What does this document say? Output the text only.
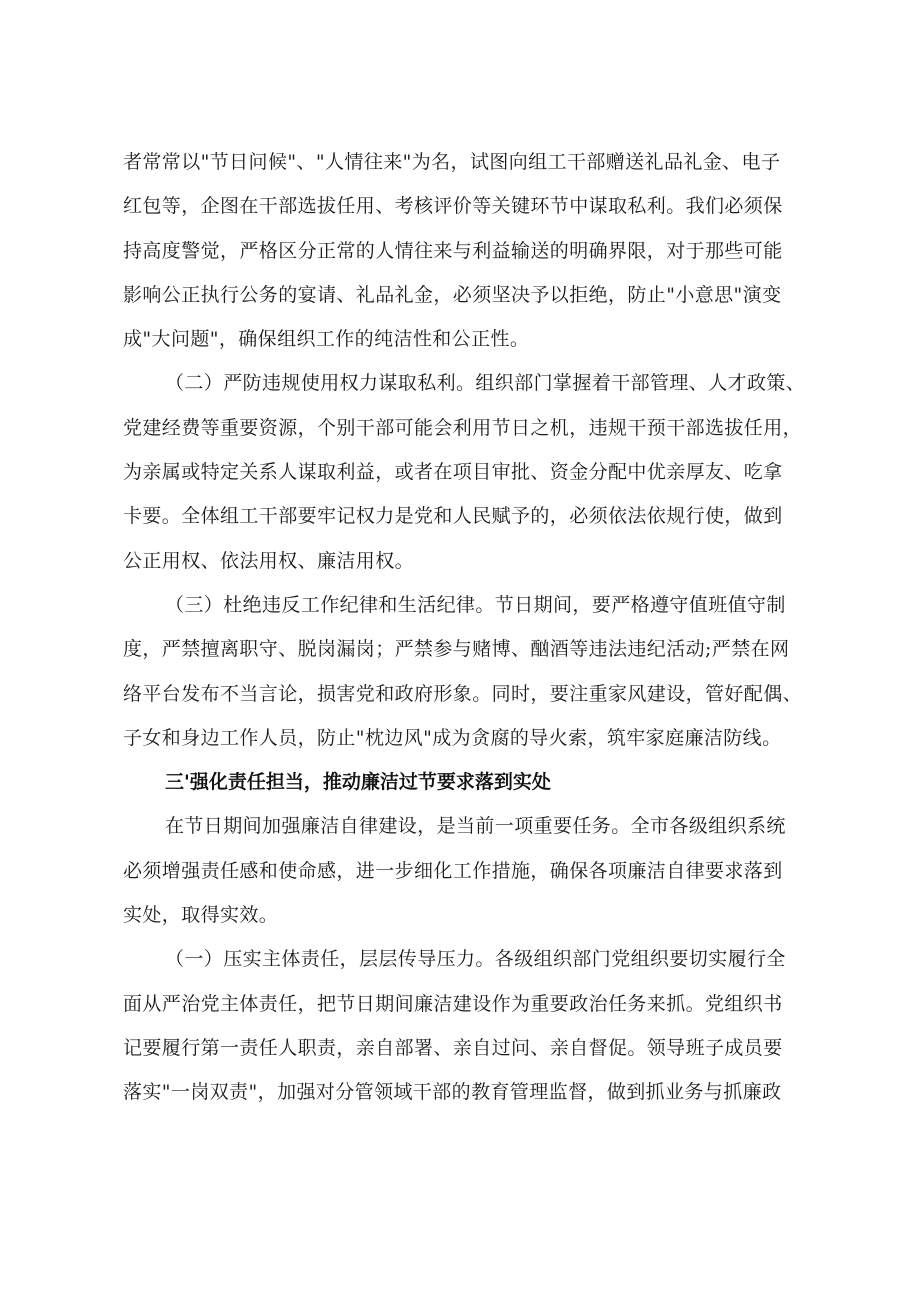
者常常以"节日问候"、"人情往来"为名，试图向组工干部赠送礼品礼金、电子
红包等，企图在干部选拔任用、考核评价等关键环节中谋取私利。我们必须保
持高度警觉，严格区分正常的人情往来与利益输送的明确界限，对于那些可能
影响公正执行公务的宴请、礼品礼金，必须坚决予以拒绝，防止"小意思"演变
成"大问题"，确保组织工作的纯洁性和公正性。
（二）严防违规使用权力谋取私利。组织部门掌握着干部管理、人才政策、
党建经费等重要资源，个别干部可能会利用节日之机，违规干预干部选拔任用，
为亲属或特定关系人谋取利益，或者在项目审批、资金分配中优亲厚友、吃拿
卡要。全体组工干部要牢记权力是党和人民赋予的，必须依法依规行使，做到
公正用权、依法用权、廉洁用权。
（三）杜绝违反工作纪律和生活纪律。节日期间，要严格遵守值班值守制
度，严禁擅离职守、脱岗漏岗；严禁参与赌博、酗酒等违法违纪活动;严禁在网
络平台发布不当言论，损害党和政府形象。同时，要注重家风建设，管好配偶、
子女和身边工作人员，防止"枕边风"成为贪腐的导火索，筑牢家庭廉洁防线。
三'强化责任担当，推动廉洁过节要求落到实处
在节日期间加强廉洁自律建设，是当前一项重要任务。全市各级组织系统
必须增强责任感和使命感，进一步细化工作措施，确保各项廉洁自律要求落到
实处，取得实效。
（一）压实主体责任，层层传导压力。各级组织部门党组织要切实履行全
面从严治党主体责任，把节日期间廉洁建设作为重要政治任务来抓。党组织书
记要履行第一责任人职责，亲自部署、亲自过问、亲自督促。领导班子成员要
落实"一岗双责"，加强对分管领域干部的教育管理监督，做到抓业务与抓廉政
